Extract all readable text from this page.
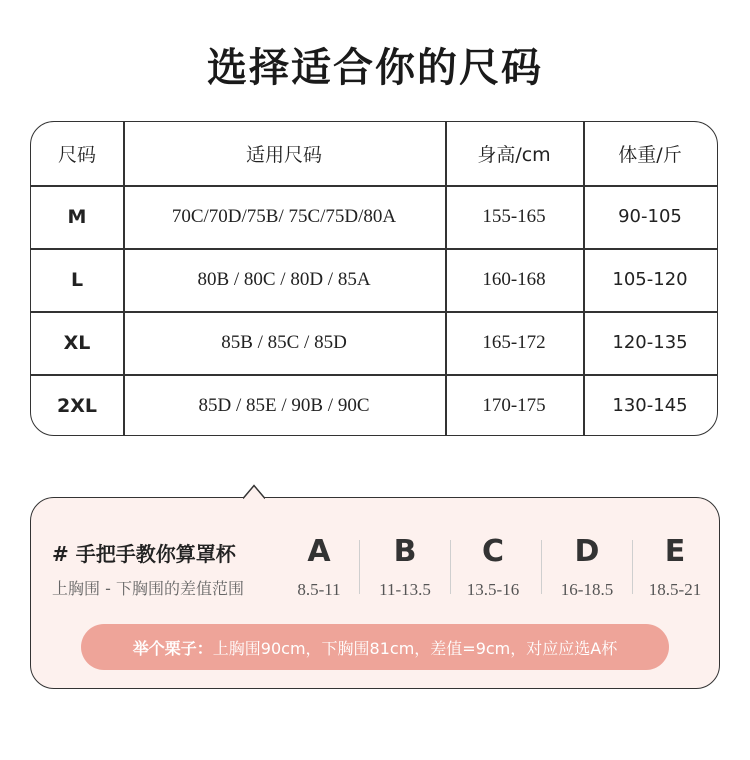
选择适合你的尺码
尺码	适用尺码	身高/cm	体重/斤
M	70C/70D/75B/ 75C/75D/80A	155-165	90-105
L	80B / 80C / 80D / 85A	160-168	105-120
XL	85B / 85C / 85D	165-172	120-135
2XL	85D / 85E / 90B / 90C	170-175	130-145
# 手把手教你算罩杯
上胸围 - 下胸围的差值范围
A
8.5-11
B
11-13.5
C
13.5-16
D
16-18.5
E
18.5-21
举个栗子： 上胸围90cm，下胸围81cm，差值=9cm，对应应选A杯
